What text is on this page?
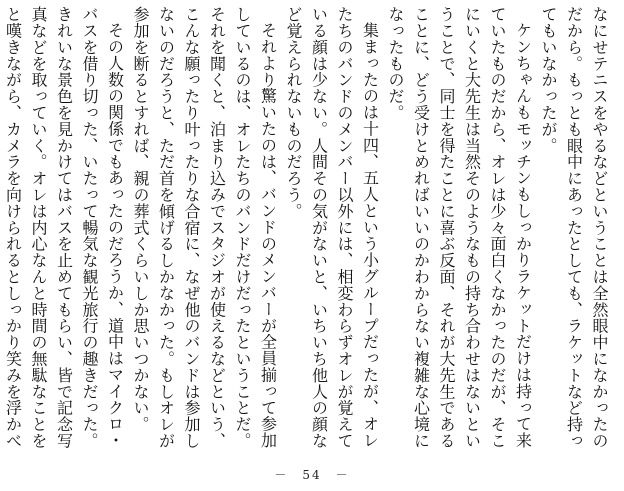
なにせテニスをやるなどということは全然眼中になかったのだから。もっとも眼中にあったとしても、ラケットなど持ってもいなかったが。

ケンちゃんもモッチンもしっかりラケットだけは持って来ていたものだから、オレは少々面白くなかったのだが、そこにいくと大先生は当然そのようなもの持ち合わせはないということで、同士を得たことに喜ぶ反面、それが大先生であることに、どう受けとめればいいのかわからない複雑な心境になったものだ。

集まったのは十四、五人という小グループだったが、オレたちのバンドのメンバー以外には、相変わらずオレが覚えている顔は少ない。人間その気がないと、いちいち他人の顔など覚えられないものだろう。

それより驚いたのは、バンドのメンバーが全員揃って参加しているのは、オレたちのバンドだけだったということだ。それを聞くと、泊まり込みでスタジオが使えるなどという、こんな願ったり叶ったりな合宿に、なぜ他のバンドは参加しないのだろうと、ただ首を傾げるしかなかった。もしオレが参加を断るとすれば、親の葬式くらいしか思いつかない。

その人数の関係でもあったのだろうか、道中はマイクロ・バスを借り切った、いたって暢気な観光旅行の趣きだった。きれいな景色を見かけてはバスを止めてもらい、皆で記念写真などを取っていく。オレは内心なんと時間の無駄なことをと嘆きながら、カメラを向けられるとしっかり笑みを浮かべ

－　54　－
